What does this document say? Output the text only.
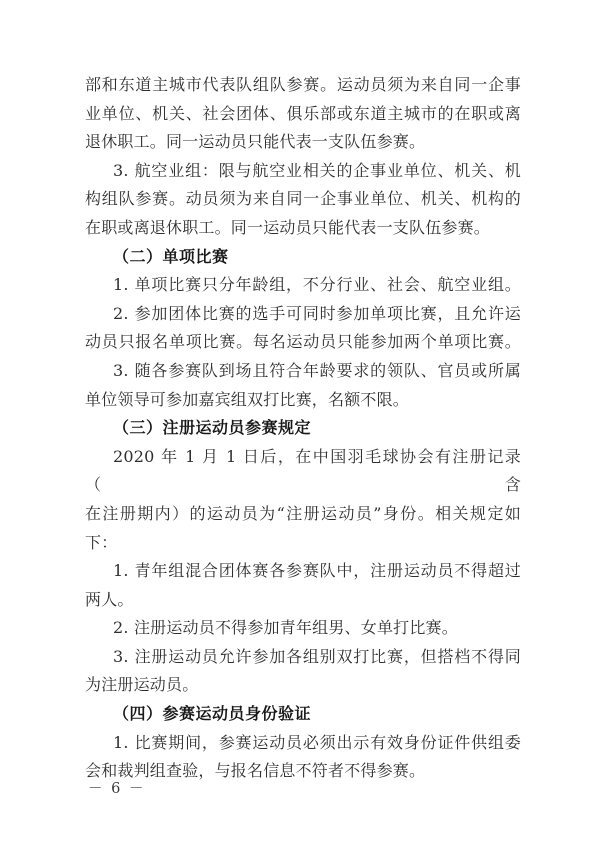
部和东道主城市代表队组队参赛。运动员须为来自同一企事
业单位、机关、社会团体、俱乐部或东道主城市的在职或离
退休职工。同一运动员只能代表一支队伍参赛。
3. 航空业组：限与航空业相关的企事业单位、机关、机
构组队参赛。动员须为来自同一企事业单位、机关、机构的
在职或离退休职工。同一运动员只能代表一支队伍参赛。
（二）单项比赛
1. 单项比赛只分年龄组，不分行业、社会、航空业组。
2. 参加团体比赛的选手可同时参加单项比赛，且允许运
动员只报名单项比赛。每名运动员只能参加两个单项比赛。
3. 随各参赛队到场且符合年龄要求的领队、官员或所属
单位领导可参加嘉宾组双打比赛，名额不限。
（三）注册运动员参赛规定
2020 年 1 月 1 日后，在中国羽毛球协会有注册记录（含
在注册期内）的运动员为“注册运动员”身份。相关规定如
下：
1. 青年组混合团体赛各参赛队中，注册运动员不得超过
两人。
2. 注册运动员不得参加青年组男、女单打比赛。
3. 注册运动员允许参加各组别双打比赛，但搭档不得同
为注册运动员。
（四）参赛运动员身份验证
1. 比赛期间，参赛运动员必须出示有效身份证件供组委
会和裁判组查验，与报名信息不符者不得参赛。
－ 6 －
